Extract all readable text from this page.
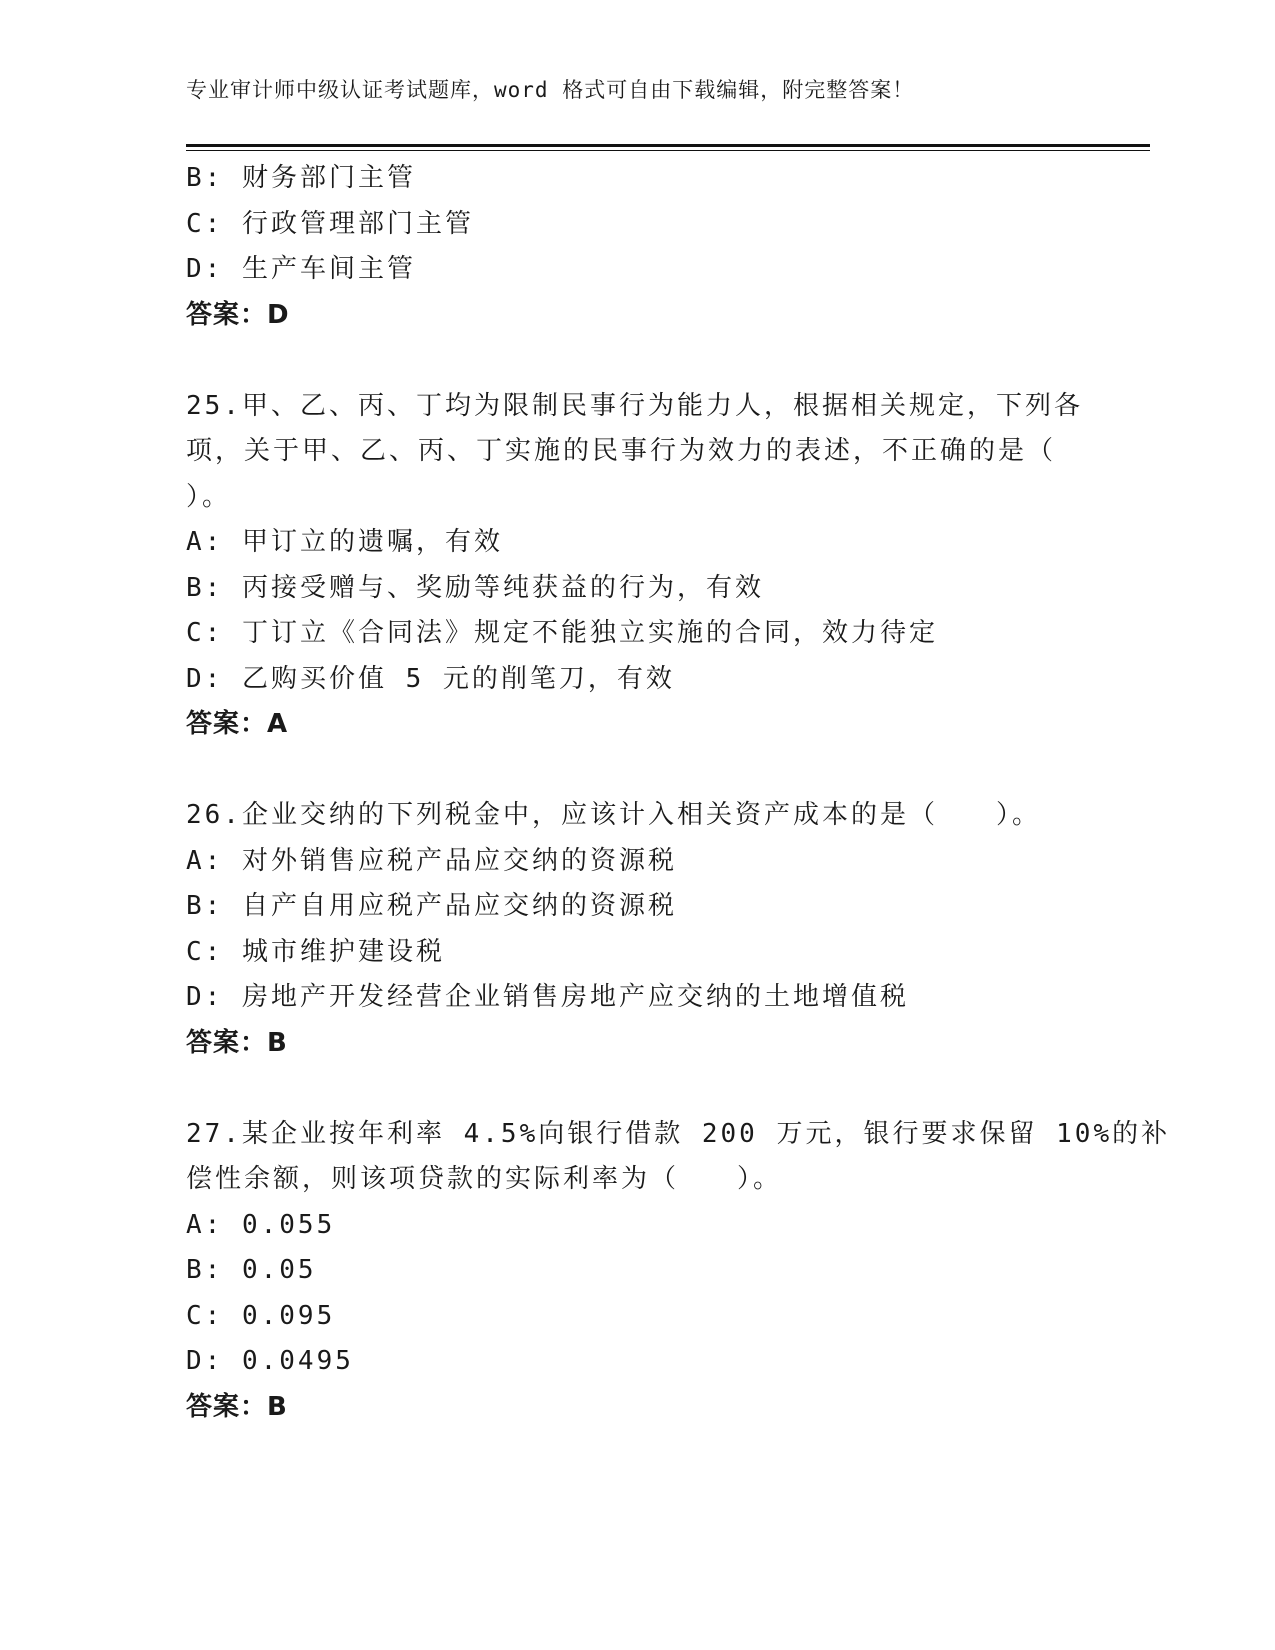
专业审计师中级认证考试题库，word 格式可自由下载编辑，附完整答案！
B: 财务部门主管
C: 行政管理部门主管
D: 生产车间主管
答案：D
25.甲、乙、丙、丁均为限制民事行为能力人，根据相关规定，下列各
项，关于甲、乙、丙、丁实施的民事行为效力的表述，不正确的是（
）。
A: 甲订立的遗嘱，有效
B: 丙接受赠与、奖励等纯获益的行为，有效
C: 丁订立《合同法》规定不能独立实施的合同，效力待定
D: 乙购买价值 5 元的削笔刀，有效
答案：A
26.企业交纳的下列税金中，应该计入相关资产成本的是（　　）。
A: 对外销售应税产品应交纳的资源税
B: 自产自用应税产品应交纳的资源税
C: 城市维护建设税
D: 房地产开发经营企业销售房地产应交纳的土地增值税
答案：B
27.某企业按年利率 4.5%向银行借款 200 万元，银行要求保留 10%的补
偿性余额，则该项贷款的实际利率为（　　）。
A: 0.055
B: 0.05
C: 0.095
D: 0.0495
答案：B
